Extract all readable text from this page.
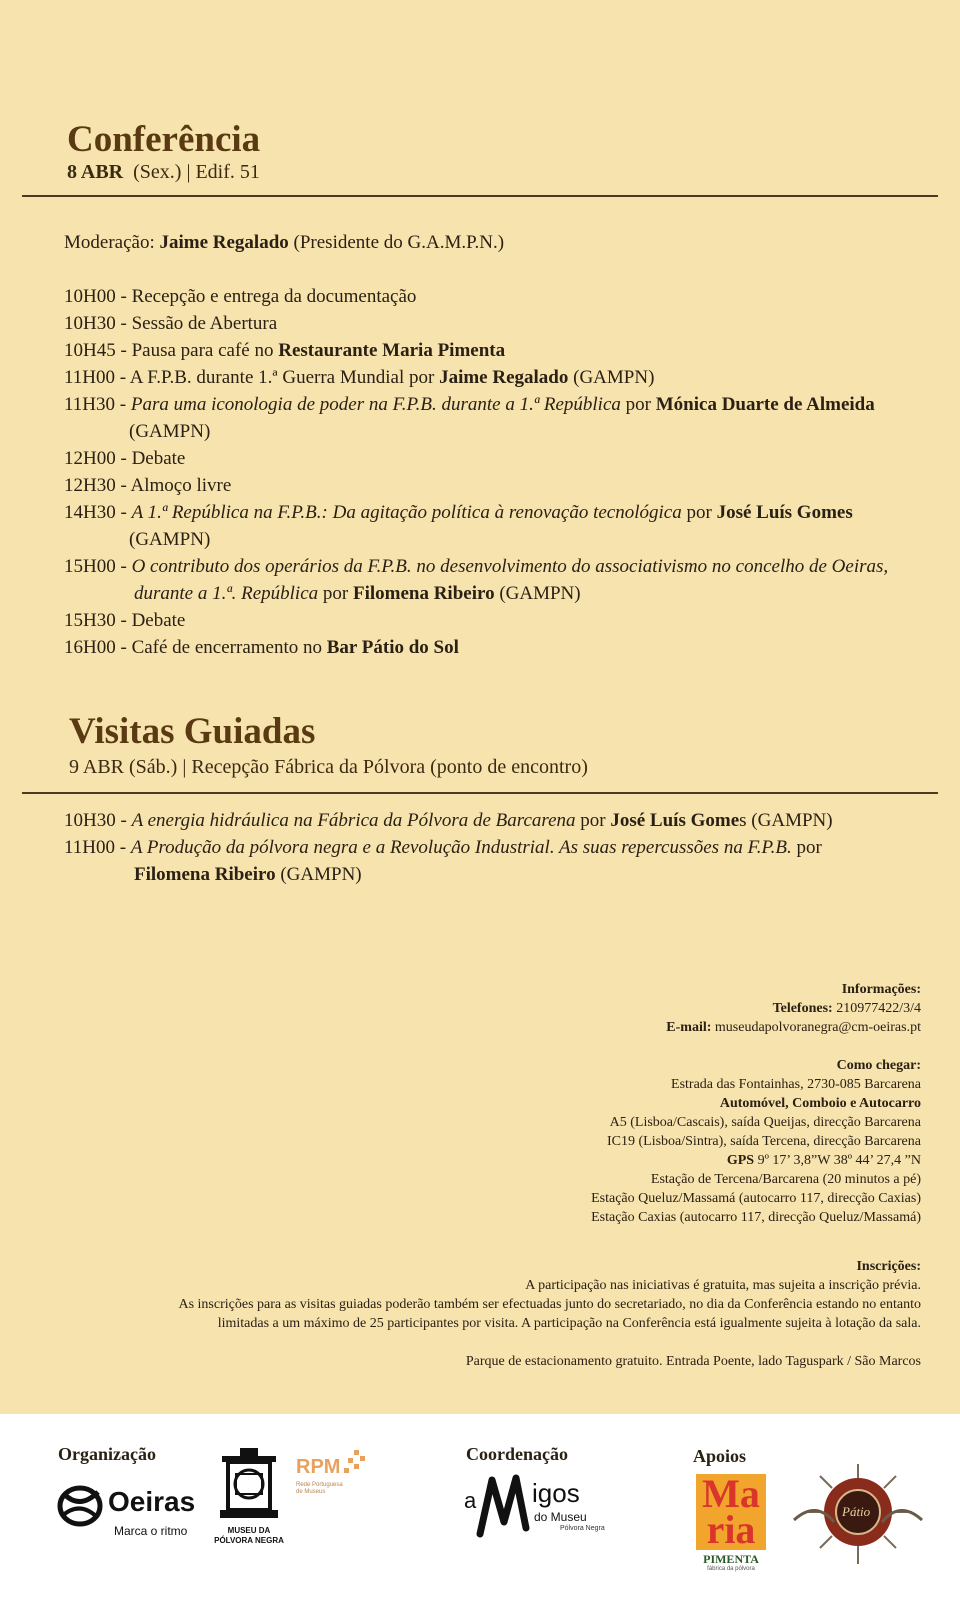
Conferência

8 ABR (Sex.) | Edif. 51

Moderação: Jaime Regalado (Presidente do G.A.M.P.N.)
10H00 - Recepção e entrega da documentação
10H30 - Sessão de Abertura
10H45 - Pausa para café no Restaurante Maria Pimenta
11H00 - A F.P.B. durante 1.ª Guerra Mundial por Jaime Regalado (GAMPN)
11H30 - Para uma iconologia de poder na F.P.B. durante a 1.ª República por Mónica Duarte de Almeida
(GAMPN)
12H00 - Debate
12H30 - Almoço livre
14H30 - A 1.ª República na F.P.B.: Da agitação política à renovação tecnológica por José Luís Gomes
(GAMPN)
15H00 - O contributo dos operários da F.P.B. no desenvolvimento do associativismo no concelho de Oeiras,
durante a 1.ª. República por Filomena Ribeiro (GAMPN)
15H30 - Debate
16H00 - Café de encerramento no Bar Pátio do Sol
Visitas Guiadas

9 ABR (Sáb.) | Recepção Fábrica da Pólvora (ponto de encontro)

10H30 - A energia hidráulica na Fábrica da Pólvora de Barcarena por José Luís Gomes (GAMPN)
11H00 - A Produção da pólvora negra e a Revolução Industrial. As suas repercussões na F.P.B. por
Filomena Ribeiro (GAMPN)
Informações:
Telefones: 210977422/3/4
E-mail: museudapolvoranegra@cm-oeiras.pt
Como chegar:
Estrada das Fontainhas, 2730-085 Barcarena
Automóvel, Comboio e Autocarro
A5 (Lisboa/Cascais), saída Queijas, direcção Barcarena
IC19 (Lisboa/Sintra), saída Tercena, direcção Barcarena
GPS 9º 17’ 3,8”W 38º 44’ 27,4 ”N
Estação de Tercena/Barcarena (20 minutos a pé)
Estação Queluz/Massamá (autocarro 117, direcção Caxias)
Estação Caxias (autocarro 117, direcção Queluz/Massamá)
Inscrições:
A participação nas iniciativas é gratuita, mas sujeita a inscrição prévia.
As inscrições para as visitas guiadas poderão também ser efectuadas junto do secretariado, no dia da Conferência estando no entanto
limitadas a um máximo de 25 participantes por visita. A participação na Conferência está igualmente sujeita à lotação da sala.
Parque de estacionamento gratuito. Entrada Poente, lado Taguspark / São Marcos
Organização	Coordenação	Apoios
Oeiras
Marca o ritmo	MUSEU DA
PÓLVORA NEGRA
RPM
Rede Portuguesa
de Museus	a igos
do Museu
Pólvora Negra
Ma
ria
PIMENTA
fábrica da pólvora
Pátio
